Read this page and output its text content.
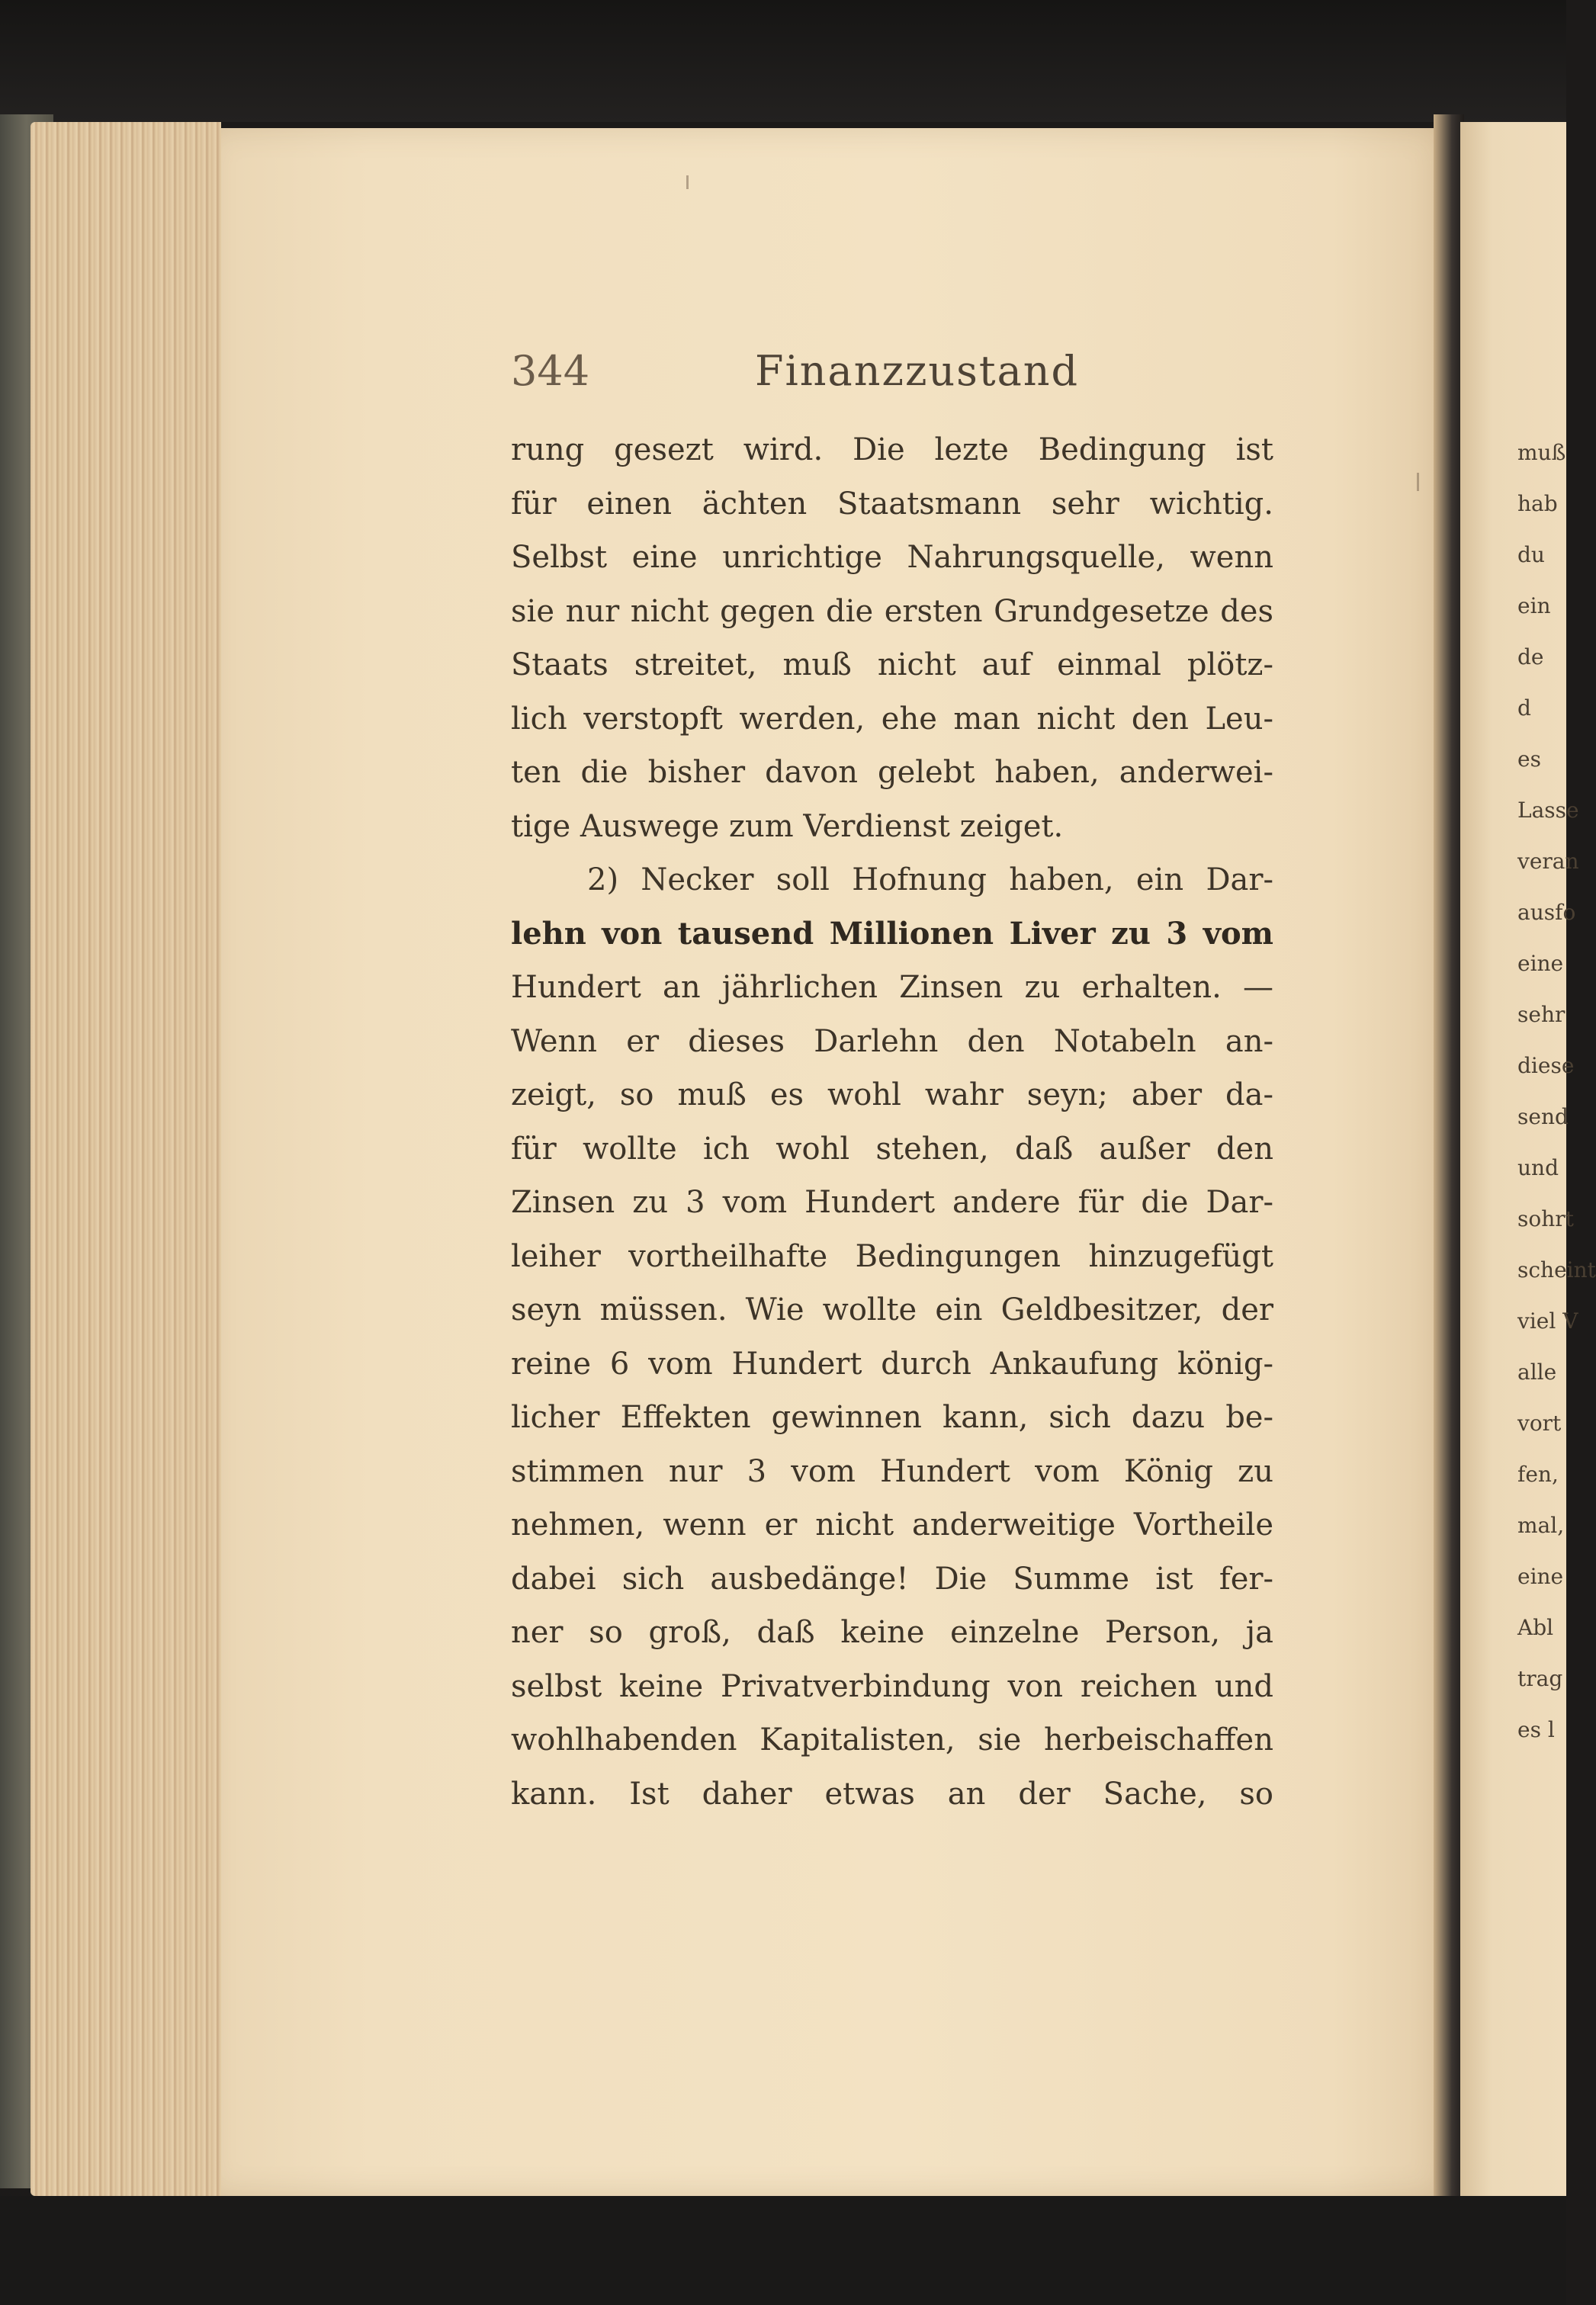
344	Finanzzustand
rung gesezt wird. Die lezte Bedingung ist
für einen ächten Staatsmann sehr wichtig.
Selbst eine unrichtige Nahrungsquelle, wenn
sie nur nicht gegen die ersten Grundgesetze des
Staats streitet, muß nicht auf einmal plötz-
lich verstopft werden, ehe man nicht den Leu-
ten die bisher davon gelebt haben, anderwei-
tige Auswege zum Verdienst zeiget.
2) Necker soll Hofnung haben, ein Dar-
lehn von tausend Millionen Liver zu 3 vom
Hundert an jährlichen Zinsen zu erhalten. —
Wenn er dieses Darlehn den Notabeln an-
zeigt, so muß es wohl wahr seyn; aber da-
für wollte ich wohl stehen, daß außer den
Zinsen zu 3 vom Hundert andere für die Dar-
leiher vortheilhafte Bedingungen hinzugefügt
seyn müssen. Wie wollte ein Geldbesitzer, der
reine 6 vom Hundert durch Ankaufung könig-
licher Effekten gewinnen kann, sich dazu be-
stimmen nur 3 vom Hundert vom König zu
nehmen, wenn er nicht anderweitige Vortheile
dabei sich ausbedänge! Die Summe ist fer-
ner so groß, daß keine einzelne Person, ja
selbst keine Privatverbindung von reichen und
wohlhabenden Kapitalisten, sie herbeischaffen
kann. Ist daher etwas an der Sache, so
muß
hab
du
ein
de
d
es
Lasse
veran
ausfo
eine
sehr
diese
send
und
sohrt
scheint
viel V
alle
vort
fen,
mal,
eine
Abl
trag
es l
